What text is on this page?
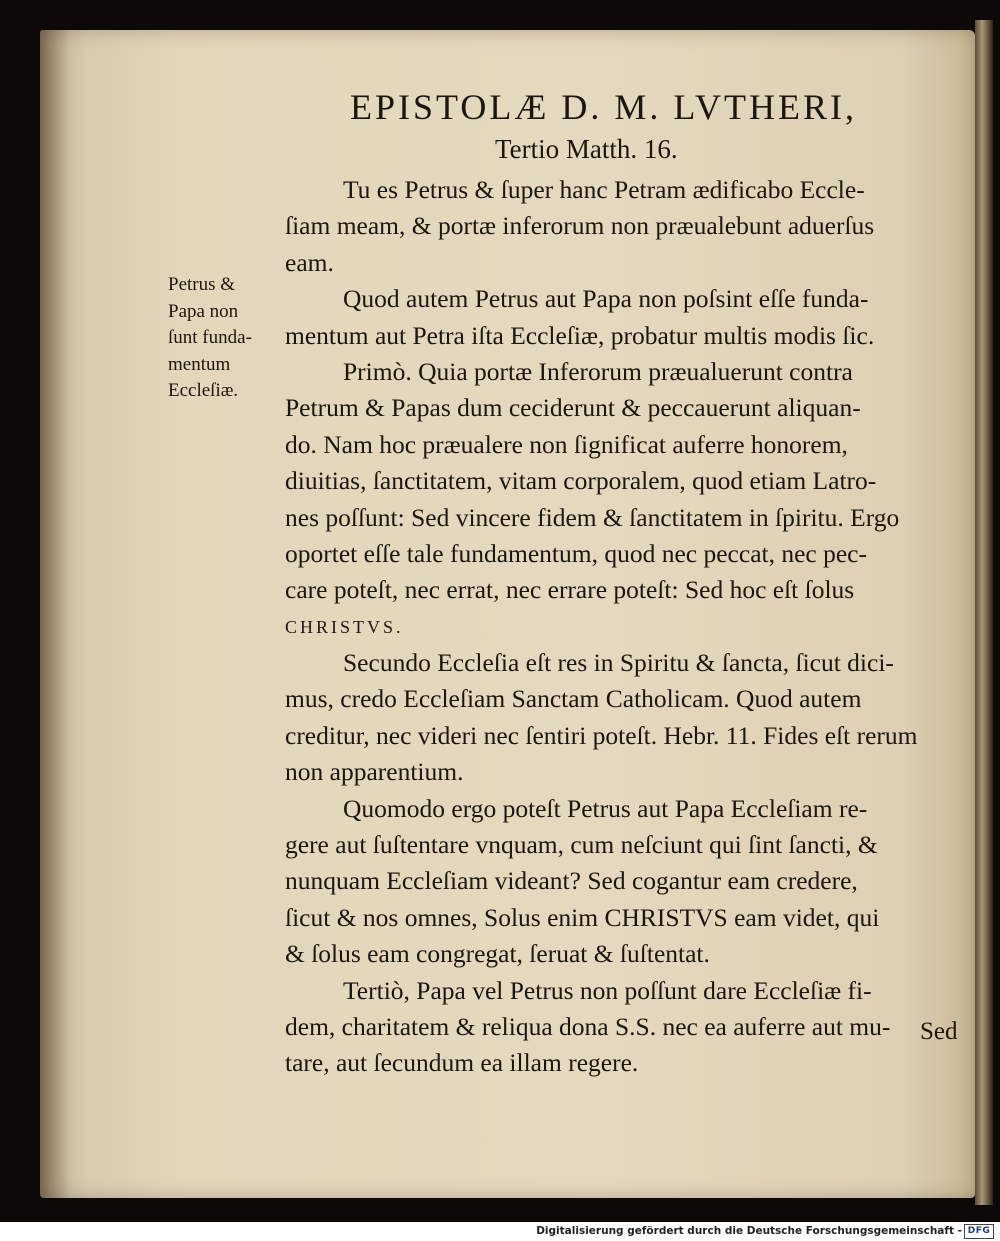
EPISTOLÆ D. M. LVTHERI,
Tertio Matth. 16.
Petrus &
Papa non
ſunt funda-
mentum
Eccleſiæ.
Tu es Petrus & ſuper hanc Petram ædificabo Eccle-
ſiam meam, & portæ inferorum non præualebunt aduerſus
eam.
Quod autem Petrus aut Papa non poſsint eſſe funda-
mentum aut Petra iſta Eccleſiæ, probatur multis modis ſic.
Primò. Quia portæ Inferorum præualuerunt contra
Petrum & Papas dum ceciderunt & peccauerunt aliquan-
do. Nam hoc præualere non ſignificat auferre honorem,
diuitias, ſanctitatem, vitam corporalem, quod etiam Latro-
nes poſſunt: Sed vincere fidem & ſanctitatem in ſpiritu. Ergo
oportet eſſe tale fundamentum, quod nec peccat, nec pec-
care poteſt, nec errat, nec errare poteſt: Sed hoc eſt ſolus
CHRISTVS.
Secundo Eccleſia eſt res in Spiritu & ſancta, ſicut dici-
mus, credo Eccleſiam Sanctam Catholicam. Quod autem
creditur, nec videri nec ſentiri poteſt. Hebr. 11. Fides eſt rerum
non apparentium.
Quomodo ergo poteſt Petrus aut Papa Eccleſiam re-
gere aut ſuſtentare vnquam, cum neſciunt qui ſint ſancti, &
nunquam Eccleſiam videant? Sed cogantur eam credere,
ſicut & nos omnes, Solus enim CHRISTVS eam videt, qui
& ſolus eam congregat, ſeruat & ſuſtentat.
Tertiò, Papa vel Petrus non poſſunt dare Eccleſiæ fi-
dem, charitatem & reliqua dona S.S. nec ea auferre aut mu-
tare, aut ſecundum ea illam regere.
Sed
Digitalisierung gefördert durch die Deutsche Forschungsgemeinschaft - DFG
